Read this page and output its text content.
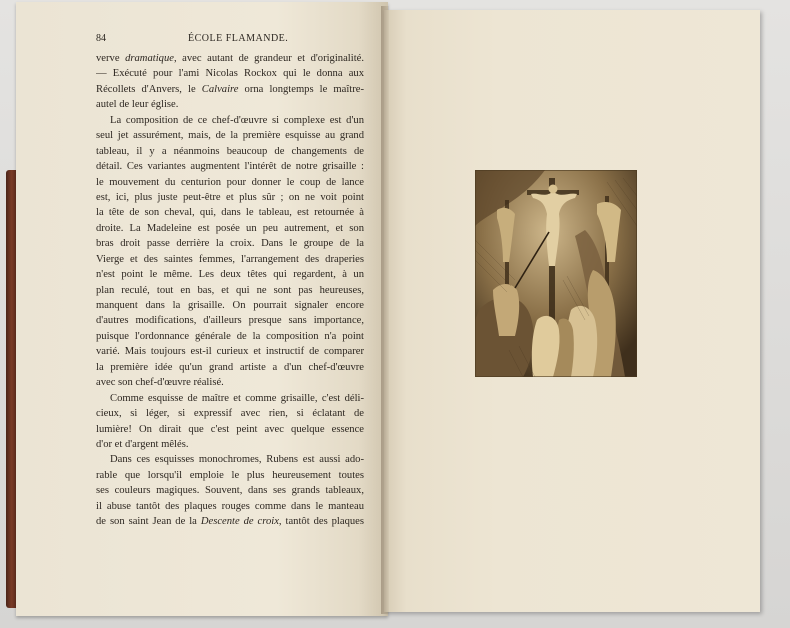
84	ÉCOLE FLAMANDE.
verve dramatique, avec autant de grandeur et d'originalité.
— Exécuté pour l'ami Nicolas Rockox qui le donna aux
Récollets d'Anvers, le Calvaire orna longtemps le maître-
autel de leur église.
La composition de ce chef-d'œuvre si complexe est d'un
seul jet assurément, mais, de la première esquisse au grand
tableau, il y a néanmoins beaucoup de changements de
détail. Ces variantes augmentent l'intérêt de notre grisaille :
le mouvement du centurion pour donner le coup de lance
est, ici, plus juste peut-être et plus sûr ; on ne voit point
la tête de son cheval, qui, dans le tableau, est retournée à
droite. La Madeleine est posée un peu autrement, et son
bras droit passe derrière la croix. Dans le groupe de la
Vierge et des saintes femmes, l'arrangement des draperies
n'est point le même. Les deux têtes qui regardent, à un
plan reculé, tout en bas, et qui ne sont pas heureuses,
manquent dans la grisaille. On pourrait signaler encore
d'autres modifications, d'ailleurs presque sans importance,
puisque l'ordonnance générale de la composition n'a point
varié. Mais toujours est-il curieux et instructif de comparer
la première idée qu'un grand artiste a d'un chef-d'œuvre
avec son chef-d'œuvre réalisé.
Comme esquisse de maître et comme grisaille, c'est déli-
cieux, si léger, si expressif avec rien, si éclatant de
lumière! On dirait que c'est peint avec quelque essence
d'or et d'argent mêlés.
Dans ces esquisses monochromes, Rubens est aussi ado-
rable que lorsqu'il emploie le plus heureusement toutes
ses couleurs magiques. Souvent, dans ses grands tableaux,
il abuse tantôt des plaques rouges comme dans le manteau
de son saint Jean de la Descente de croix, tantôt des plaques
